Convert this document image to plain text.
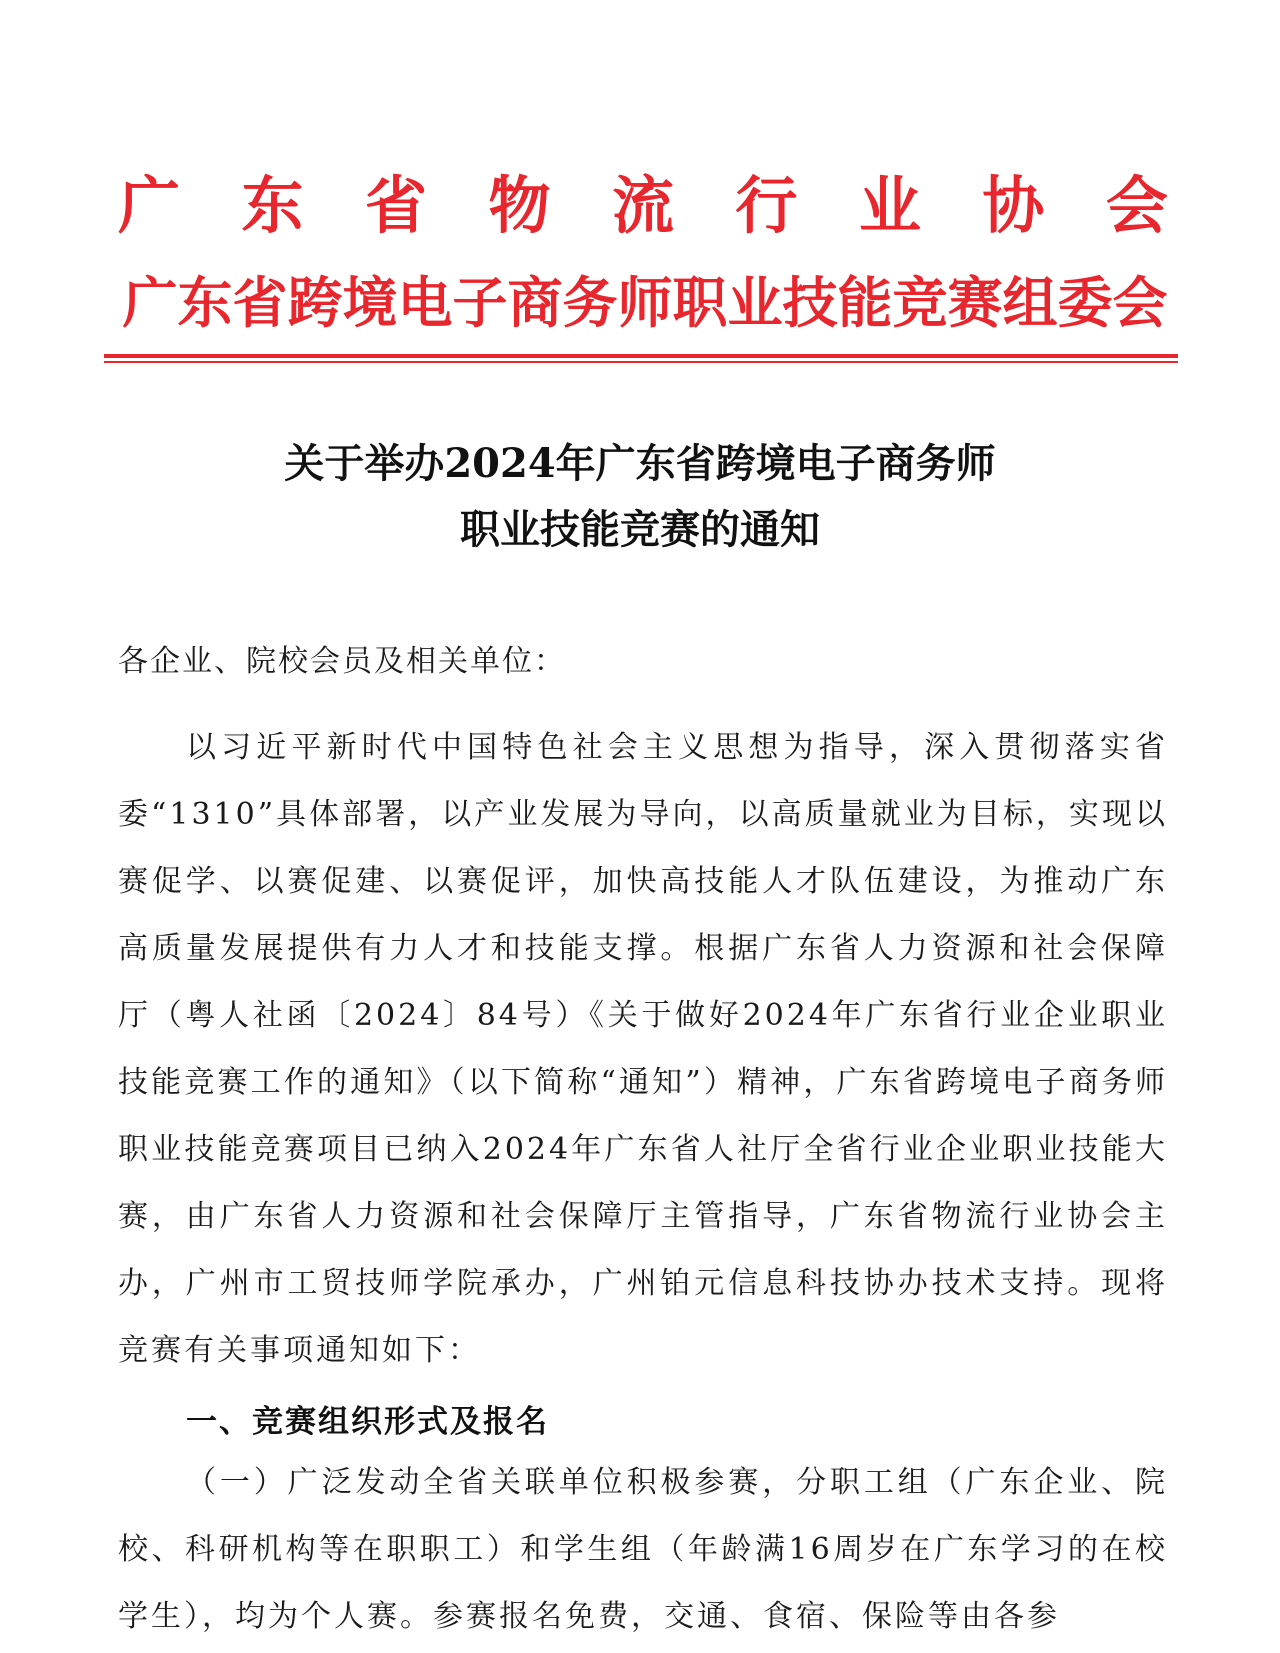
广 东 省 物 流 行 业 协 会
广东省跨境电子商务师职业技能竞赛组委会
关于举办2024年广东省跨境电子商务师
职业技能竞赛的通知
各企业、院校会员及相关单位：
以习近平新时代中国特色社会主义思想为指导，深入贯彻落实省委“1310”具体部署，以产业发展为导向，以高质量就业为目标，实现以赛促学、以赛促建、以赛促评，加快高技能人才队伍建设，为推动广东高质量发展提供有力人才和技能支撑。根据广东省人力资源和社会保障厅（粤人社函〔2024〕84号）《关于做好2024年广东省行业企业职业技能竞赛工作的通知》（以下简称“通知”）精神，广东省跨境电子商务师职业技能竞赛项目已纳入2024年广东省人社厅全省行业企业职业技能大赛，由广东省人力资源和社会保障厅主管指导，广东省物流行业协会主办，广州市工贸技师学院承办，广州铂元信息科技协办技术支持。现将竞赛有关事项通知如下：
一、竞赛组织形式及报名
（一）广泛发动全省关联单位积极参赛，分职工组（广东企业、院校、科研机构等在职职工）和学生组（年龄满16周岁在广东学习的在校学生），均为个人赛。参赛报名免费，交通、食宿、保险等由各参
